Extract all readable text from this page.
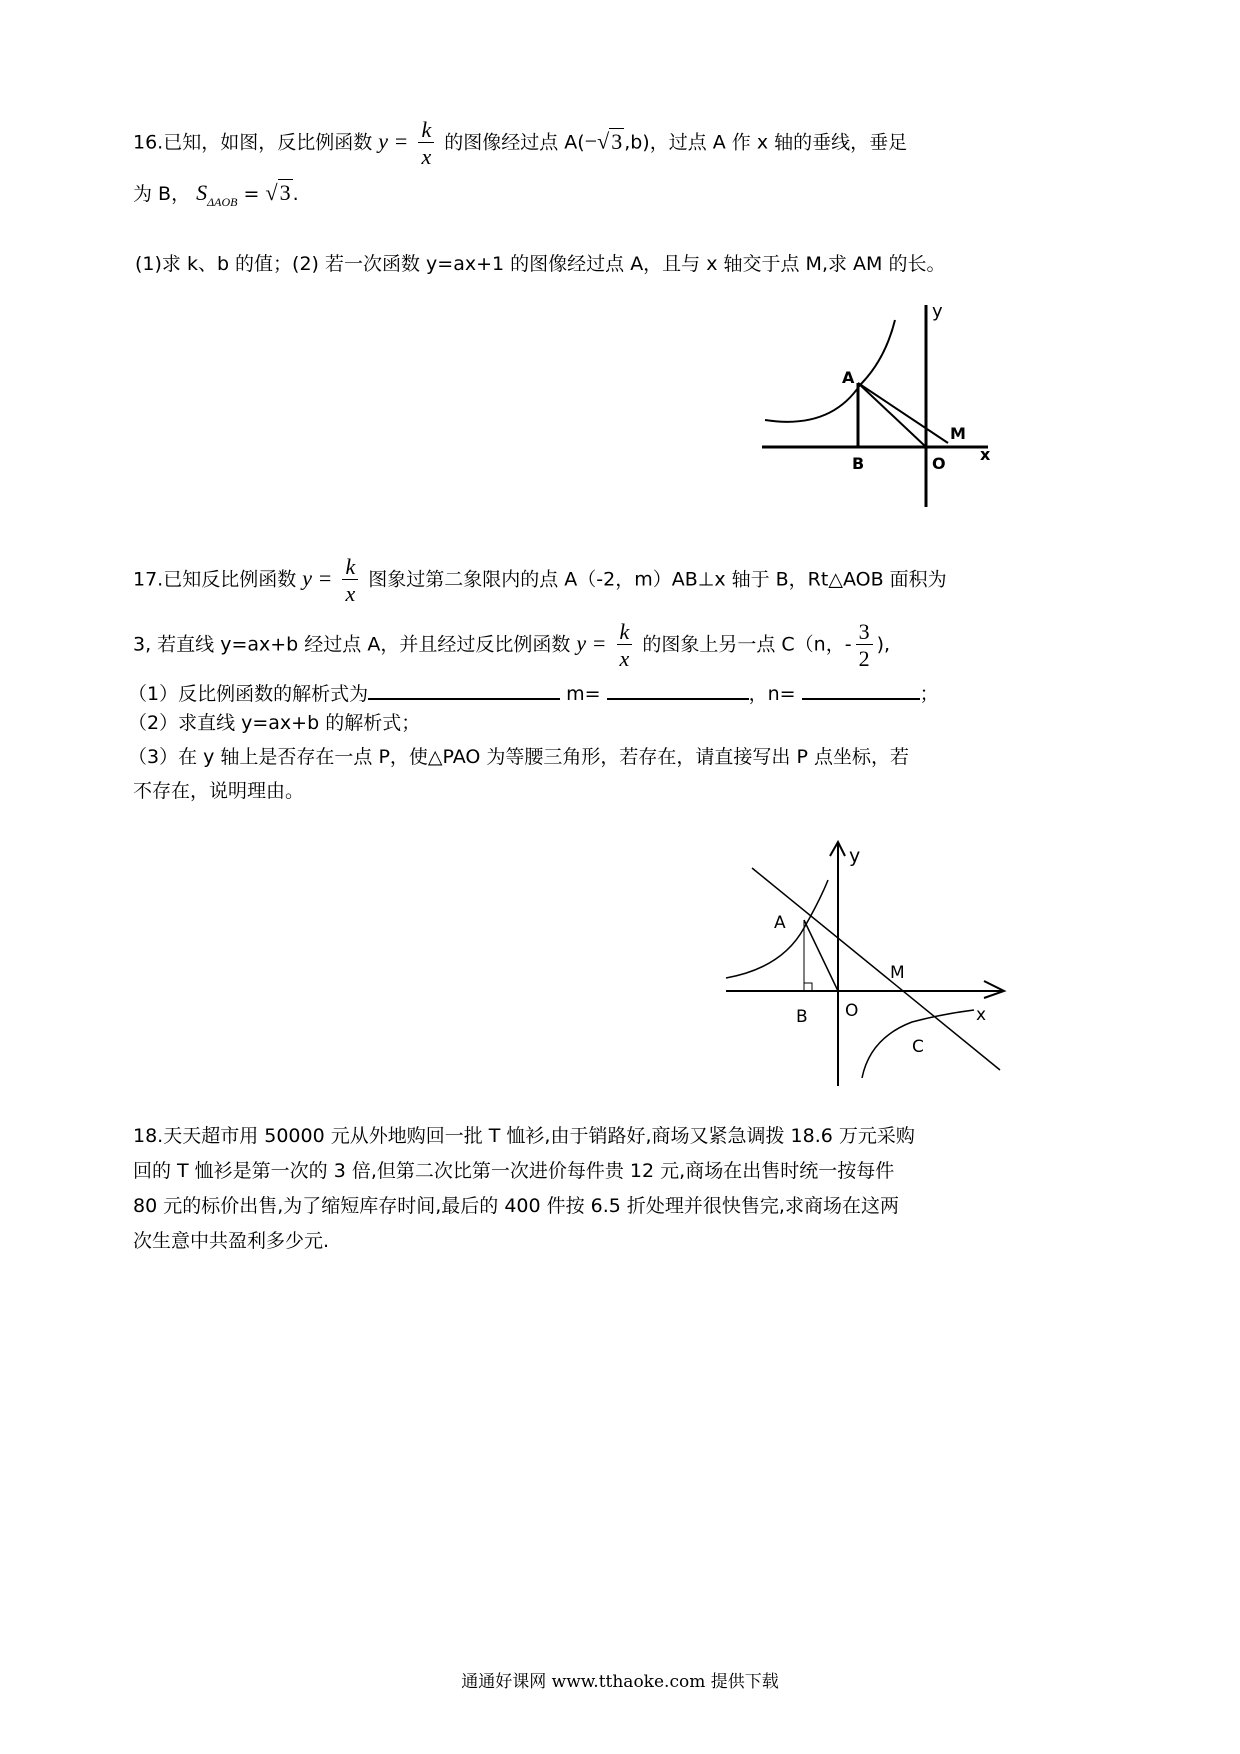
16.已知，如图，反比例函数 $y = \frac{k}{x}$ 的图像经过点 A(−√3 ,b)，过点 A 作 x 轴的垂线，垂足
为 B， $S_{\Delta AOB} = √3$ .
(1)求 k、b 的值；(2) 若一次函数 y=ax+1 的图像经过点 A，且与 x 轴交于点 M,求 AM 的长。
y
A
B	O
M
x
17.已知反比例函数 $y = \frac{k}{x}$ 图象过第二象限内的点 A（-2，m）AB⊥x 轴于 B，Rt△AOB 面积为
3, 若直线 y=ax+b 经过点 A，并且经过反比例函数 $y = \frac{k}{x}$ 的图象上另一点 C（n，- $\frac{3}{2}$ ),
（1）反比例函数的解析式为	m=	，n=	；
（2）求直线 y=ax+b 的解析式；
（3）在 y 轴上是否存在一点 P，使△PAO 为等腰三角形，若存在，请直接写出 P 点坐标，若
不存在，说明理由。
y
A
B O
M
x
C
18.天天超市用 50000 元从外地购回一批 T 恤衫,由于销路好,商场又紧急调拨 18.6 万元采购
回的 T 恤衫是第一次的 3 倍,但第二次比第一次进价每件贵 12 元,商场在出售时统一按每件
80 元的标价出售,为了缩短库存时间,最后的 400 件按 6.5 折处理并很快售完,求商场在这两
次生意中共盈利多少元.
通通好课网 www.tthaoke.com 提供下载
